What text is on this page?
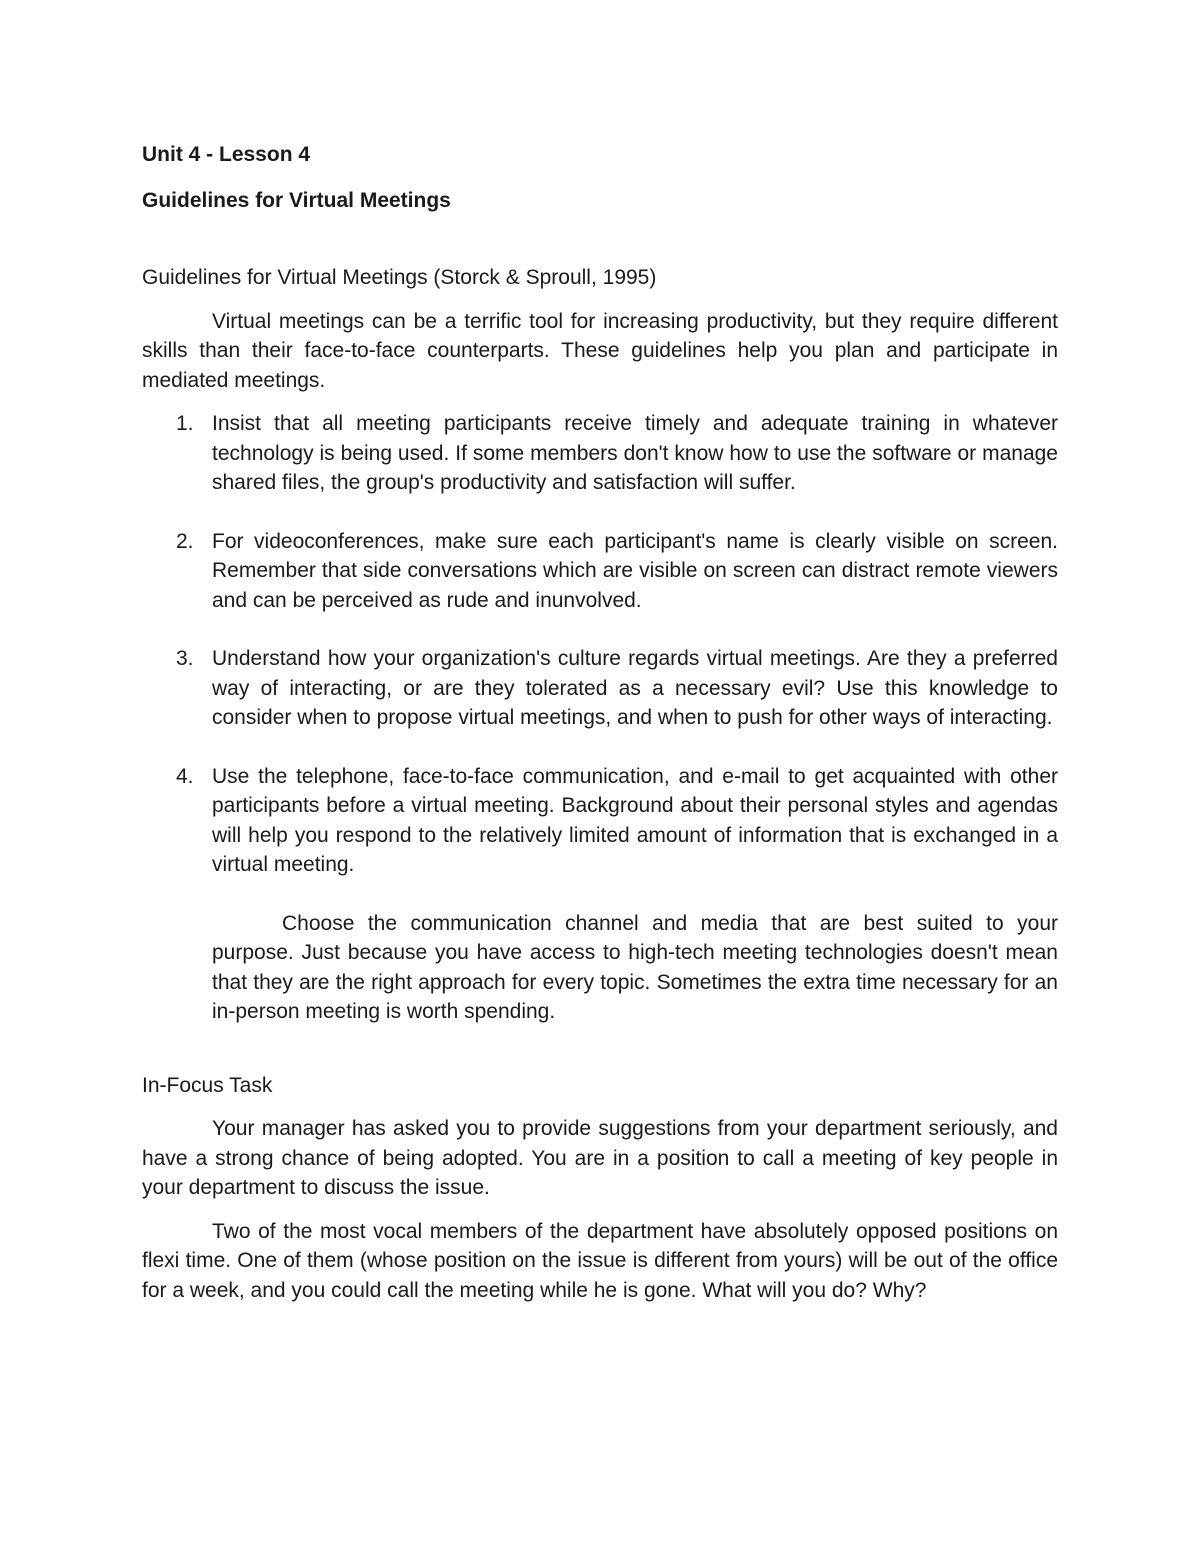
Unit 4 - Lesson 4

Guidelines for Virtual Meetings

Guidelines for Virtual Meetings (Storck & Sproull, 1995)

Virtual meetings can be a terrific tool for increasing productivity, but they require different skills than their face-to-face counterparts. These guidelines help you plan and participate in mediated meetings.

1. Insist that all meeting participants receive timely and adequate training in whatever technology is being used. If some members don't know how to use the software or manage shared files, the group's productivity and satisfaction will suffer.
2. For videoconferences, make sure each participant's name is clearly visible on screen. Remember that side conversations which are visible on screen can distract remote viewers and can be perceived as rude and inunvolved.
3. Understand how your organization's culture regards virtual meetings. Are they a preferred way of interacting, or are they tolerated as a necessary evil? Use this knowledge to consider when to propose virtual meetings, and when to push for other ways of interacting.
4. Use the telephone, face-to-face communication, and e-mail to get acquainted with other participants before a virtual meeting. Background about their personal styles and agendas will help you respond to the relatively limited amount of information that is exchanged in a virtual meeting.

Choose the communication channel and media that are best suited to your purpose. Just because you have access to high-tech meeting technologies doesn't mean that they are the right approach for every topic. Sometimes the extra time necessary for an in-person meeting is worth spending.

In-Focus Task

Your manager has asked you to provide suggestions from your department seriously, and have a strong chance of being adopted. You are in a position to call a meeting of key people in your department to discuss the issue.

Two of the most vocal members of the department have absolutely opposed positions on flexi time. One of them (whose position on the issue is different from yours) will be out of the office for a week, and you could call the meeting while he is gone. What will you do? Why?
